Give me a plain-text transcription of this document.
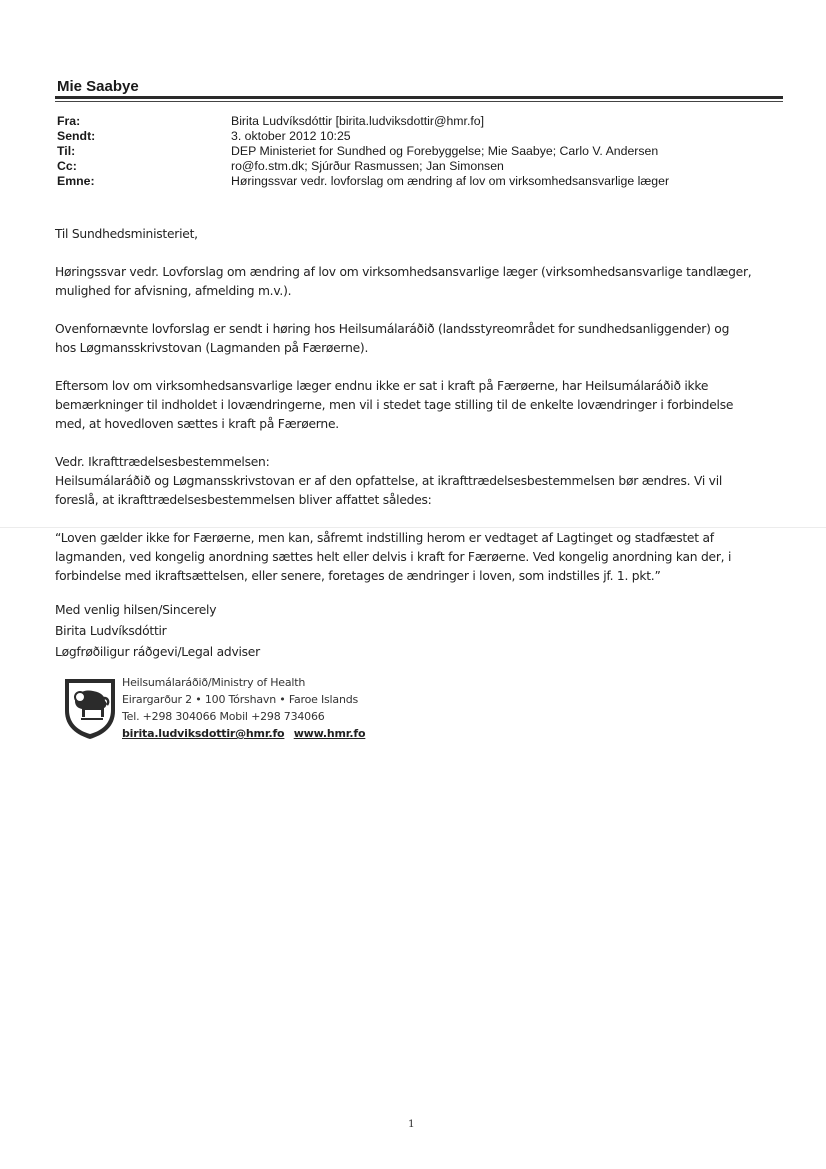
Mie Saabye
Fra:	Birita Ludvíksdóttir [birita.ludviksdottir@hmr.fo]
Sendt:	3. oktober 2012 10:25
Til:	DEP Ministeriet for Sundhed og Forebyggelse; Mie Saabye; Carlo V. Andersen
Cc:	ro@fo.stm.dk; Sjúrður Rasmussen; Jan Simonsen
Emne:	Høringssvar vedr. lovforslag om ændring af lov om virksomhedsansvarlige læger
Til Sundhedsministeriet,
Høringssvar vedr. Lovforslag om ændring af lov om virksomhedsansvarlige læger (virksomhedsansvarlige tandlæger,
mulighed for afvisning, afmelding m.v.).
Ovenfornævnte lovforslag er sendt i høring hos Heilsumálaráðið (landsstyreområdet for sundhedsanliggender) og
hos Løgmansskrivstovan (Lagmanden på Færøerne).
Eftersom lov om virksomhedsansvarlige læger endnu ikke er sat i kraft på Færøerne, har Heilsumálaráðið ikke
bemærkninger til indholdet i lovændringerne, men vil i stedet tage stilling til de enkelte lovændringer i forbindelse
med, at hovedloven sættes i kraft på Færøerne.
Vedr. Ikrafttrædelsesbestemmelsen:
Heilsumálaráðið og Løgmansskrivstovan er af den opfattelse, at ikrafttrædelsesbestemmelsen bør ændres. Vi vil
foreslå, at ikrafttrædelsesbestemmelsen bliver affattet således:
“Loven gælder ikke for Færøerne, men kan, såfremt indstilling herom er vedtaget af Lagtinget og stadfæstet af
lagmanden, ved kongelig anordning sættes helt eller delvis i kraft for Færøerne. Ved kongelig anordning kan der, i
forbindelse med ikraftsættelsen, eller senere, foretages de ændringer i loven, som indstilles jf. 1. pkt.”
Med venlig hilsen/Sincerely
Birita Ludvíksdóttir
Løgfrøðiligur ráðgevi/Legal adviser
Heilsumálaráðið/Ministry of Health
Eirargarður 2 • 100 Tórshavn • Faroe Islands
Tel. +298 304066 Mobil +298 734066
birita.ludviksdottir@hmr.fo www.hmr.fo
1
